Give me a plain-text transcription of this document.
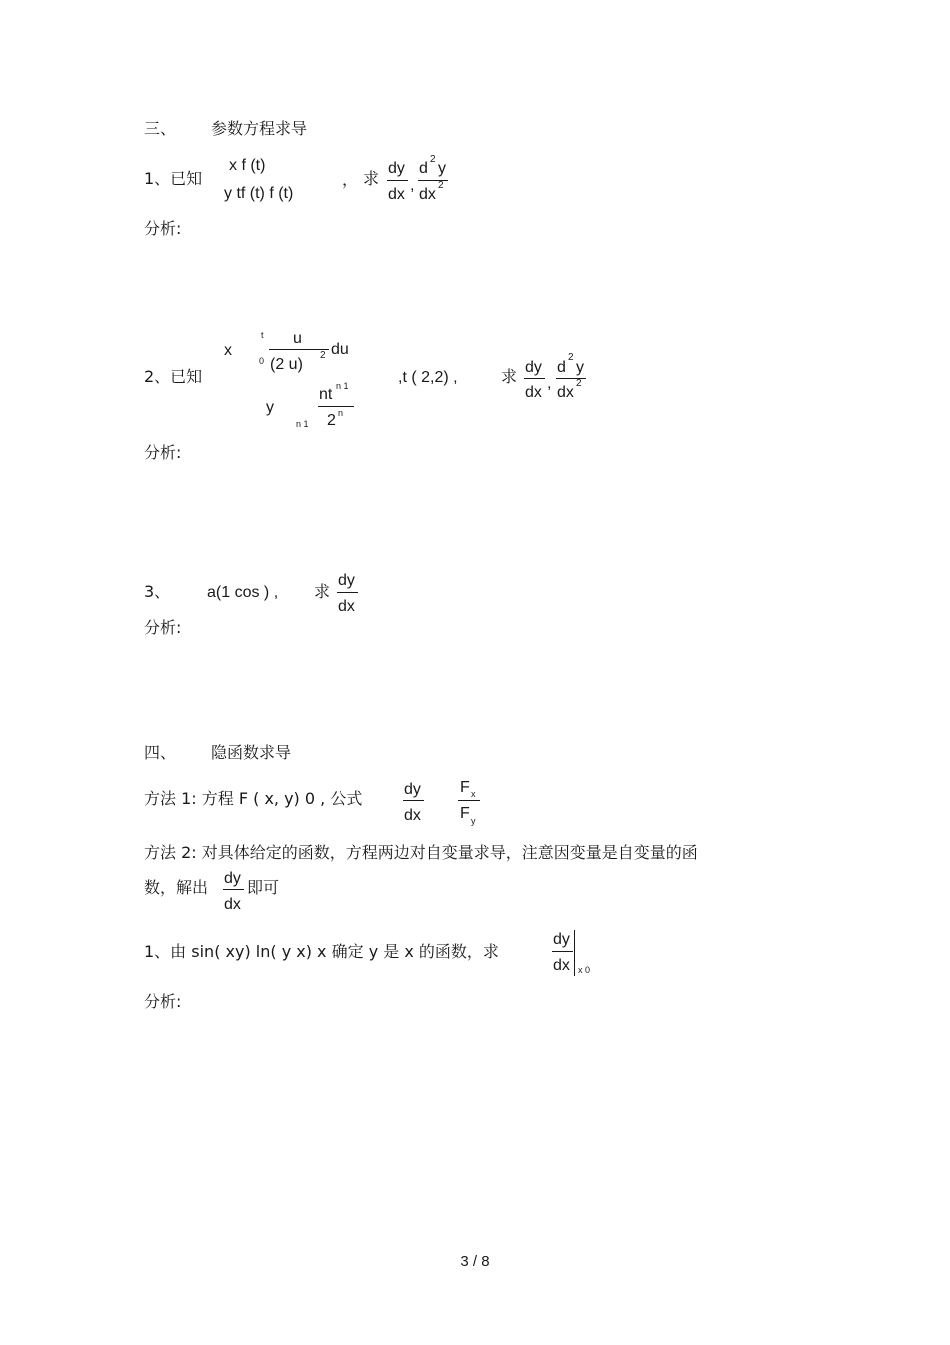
三、 参数方程求导
1、已知
x f (t)
y tf (t) f (t)
， 求
dy
dx
,
d
2
y
dx
2
分析:
2、已知
x
t
0
u
(2 u)
2 du
y
n 1
nt n 1
2 n
,t ( 2,2) ,	求 dy
dx
,
d
2
y
dx
2
分析:
3、 a(1 cos ) , 求
dy
dx
分析:
四、 隐函数求导
方法 1: 方程 F ( x, y) 0 , 公式	dy
dx
F x
F y
方法 2: 对具体给定的函数，方程两边对自变量求导，注意因变量是自变量的函
数，解出 dy
dx
即可
1、由 sin( xy) ln( y x) x 确定 y 是 x 的函数，求
dy
dx x 0
分析:
3 / 8
